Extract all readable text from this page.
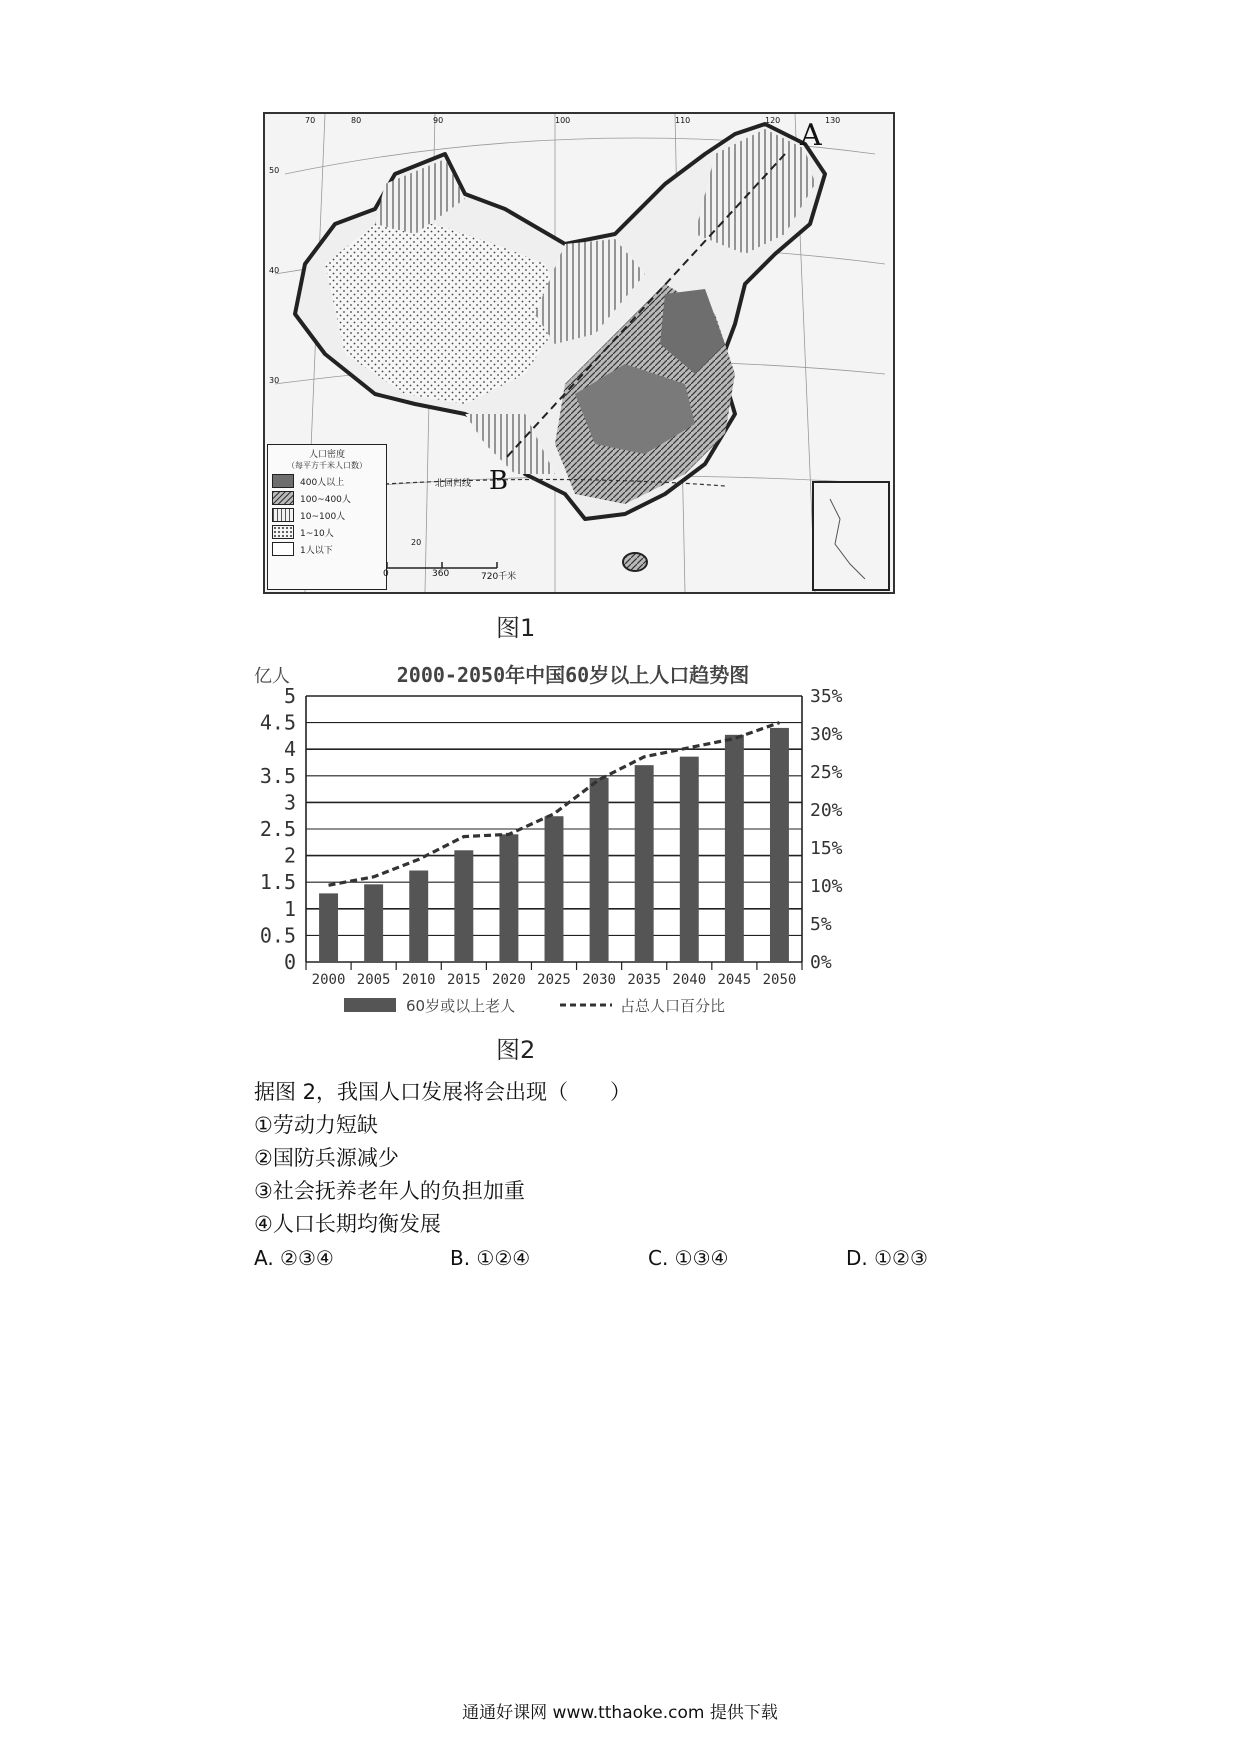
A
B
人口密度
（每平方千米人口数）
400人以上
100~400人
10~100人
1~10人
1人以下
0	360	720千米
北回归线
70	80	90	100	110	120	130
50
40
30
20
图1
2000-2050年中国60岁以上人口趋势图
亿人
0
0.5
1
1.5
2
2.5
3
3.5
4
4.5
5
0%
5%
10%
15%
20%
25%
30%
35%
2000 2005 2010 2015 2020 2025 2030 2035 2040 2045 2050
60岁或以上老人	占总人口百分比
图2
据图 2，我国人口发展将会出现（　　）
①劳动力短缺
②国防兵源减少
③社会抚养老年人的负担加重
④人口长期均衡发展
A. ②③④	B. ①②④	C. ①③④	D. ①②③
通通好课网 www.tthaoke.com 提供下载
